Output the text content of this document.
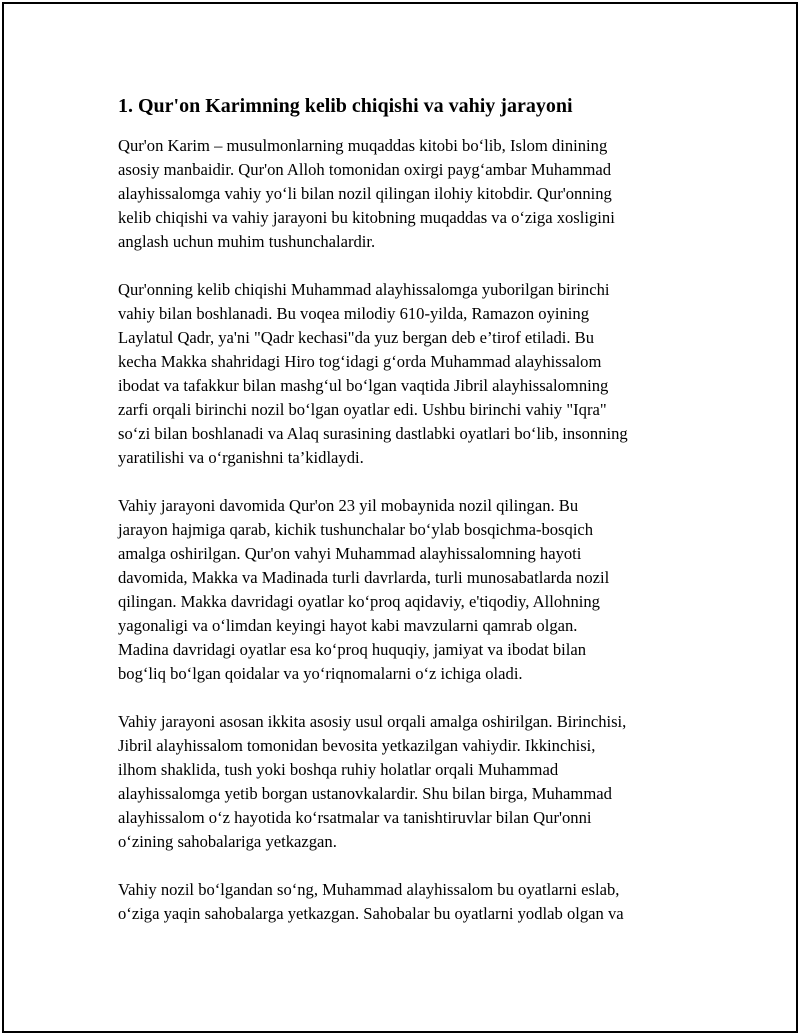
1. Qur'on Karimning kelib chiqishi va vahiy jarayoni
Qur'on Karim – musulmonlarning muqaddas kitobi boʻlib, Islom dinining
asosiy manbaidir. Qur'on Alloh tomonidan oxirgi paygʻambar Muhammad
alayhissalomga vahiy yoʻli bilan nozil qilingan ilohiy kitobdir. Qur'onning
kelib chiqishi va vahiy jarayoni bu kitobning muqaddas va oʻziga xosligini
anglash uchun muhim tushunchalardir.
Qur'onning kelib chiqishi Muhammad alayhissalomga yuborilgan birinchi
vahiy bilan boshlanadi. Bu voqea milodiy 610-yilda, Ramazon oyining
Laylatul Qadr, ya'ni "Qadr kechasi"da yuz bergan deb e’tirof etiladi. Bu
kecha Makka shahridagi Hiro togʻidagi gʻorda Muhammad alayhissalom
ibodat va tafakkur bilan mashgʻul boʻlgan vaqtida Jibril alayhissalomning
zarfi orqali birinchi nozil boʻlgan oyatlar edi. Ushbu birinchi vahiy "Iqra"
soʻzi bilan boshlanadi va Alaq surasining dastlabki oyatlari boʻlib, insonning
yaratilishi va oʻrganishni ta’kidlaydi.
Vahiy jarayoni davomida Qur'on 23 yil mobaynida nozil qilingan. Bu
jarayon hajmiga qarab, kichik tushunchalar boʻylab bosqichma-bosqich
amalga oshirilgan. Qur'on vahyi Muhammad alayhissalomning hayoti
davomida, Makka va Madinada turli davrlarda, turli munosabatlarda nozil
qilingan. Makka davridagi oyatlar koʻproq aqidaviy, e'tiqodiy, Allohning
yagonaligi va oʻlimdan keyingi hayot kabi mavzularni qamrab olgan.
Madina davridagi oyatlar esa koʻproq huquqiy, jamiyat va ibodat bilan
bogʻliq boʻlgan qoidalar va yoʻriqnomalarni oʻz ichiga oladi.
Vahiy jarayoni asosan ikkita asosiy usul orqali amalga oshirilgan. Birinchisi,
Jibril alayhissalom tomonidan bevosita yetkazilgan vahiydir. Ikkinchisi,
ilhom shaklida, tush yoki boshqa ruhiy holatlar orqali Muhammad
alayhissalomga yetib borgan ustanovkalardir. Shu bilan birga, Muhammad
alayhissalom oʻz hayotida koʻrsatmalar va tanishtiruvlar bilan Qur'onni
oʻzining sahobalariga yetkazgan.
Vahiy nozil boʻlgandan soʻng, Muhammad alayhissalom bu oyatlarni eslab,
oʻziga yaqin sahobalarga yetkazgan. Sahobalar bu oyatlarni yodlab olgan va
